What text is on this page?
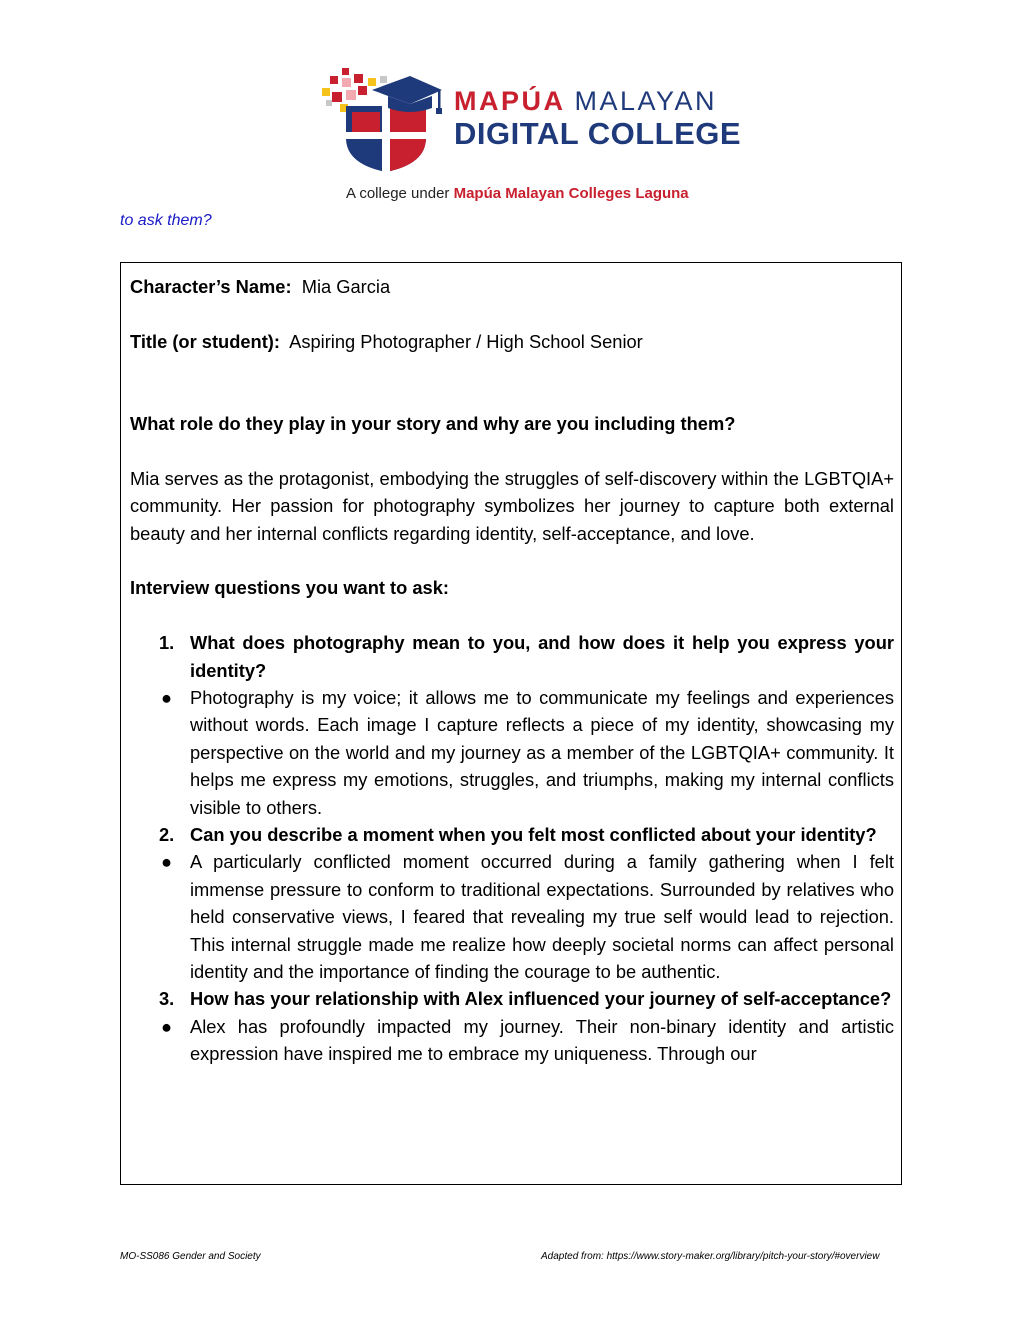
MAPÚA MALAYAN
DIGITAL COLLEGE
A college under Mapúa Malayan Colleges Laguna
to ask them?

Character’s Name: Mia Garcia

Title (or student): Aspiring Photographer / High School Senior

What role do they play in your story and why are you including them?

Mia serves as the protagonist, embodying the struggles of self-discovery within the LGBTQIA+ community. Her passion for photography symbolizes her journey to capture both external beauty and her internal conflicts regarding identity, self-acceptance, and love.

Interview questions you want to ask:

1. What does photography mean to you, and how does it help you express your identity?

● Photography is my voice; it allows me to communicate my feelings and experiences without words. Each image I capture reflects a piece of my identity, showcasing my perspective on the world and my journey as a member of the LGBTQIA+ community. It helps me express my emotions, struggles, and triumphs, making my internal conflicts visible to others.

2. Can you describe a moment when you felt most conflicted about your identity?

● A particularly conflicted moment occurred during a family gathering when I felt immense pressure to conform to traditional expectations. Surrounded by relatives who held conservative views, I feared that revealing my true self would lead to rejection. This internal struggle made me realize how deeply societal norms can affect personal identity and the importance of finding the courage to be authentic.

3. How has your relationship with Alex influenced your journey of self-acceptance?

● Alex has profoundly impacted my journey. Their non-binary identity and artistic expression have inspired me to embrace my uniqueness. Through our

MO-SS086 Gender and Society	Adapted from: https://www.story-maker.org/library/pitch-your-story/#overview
